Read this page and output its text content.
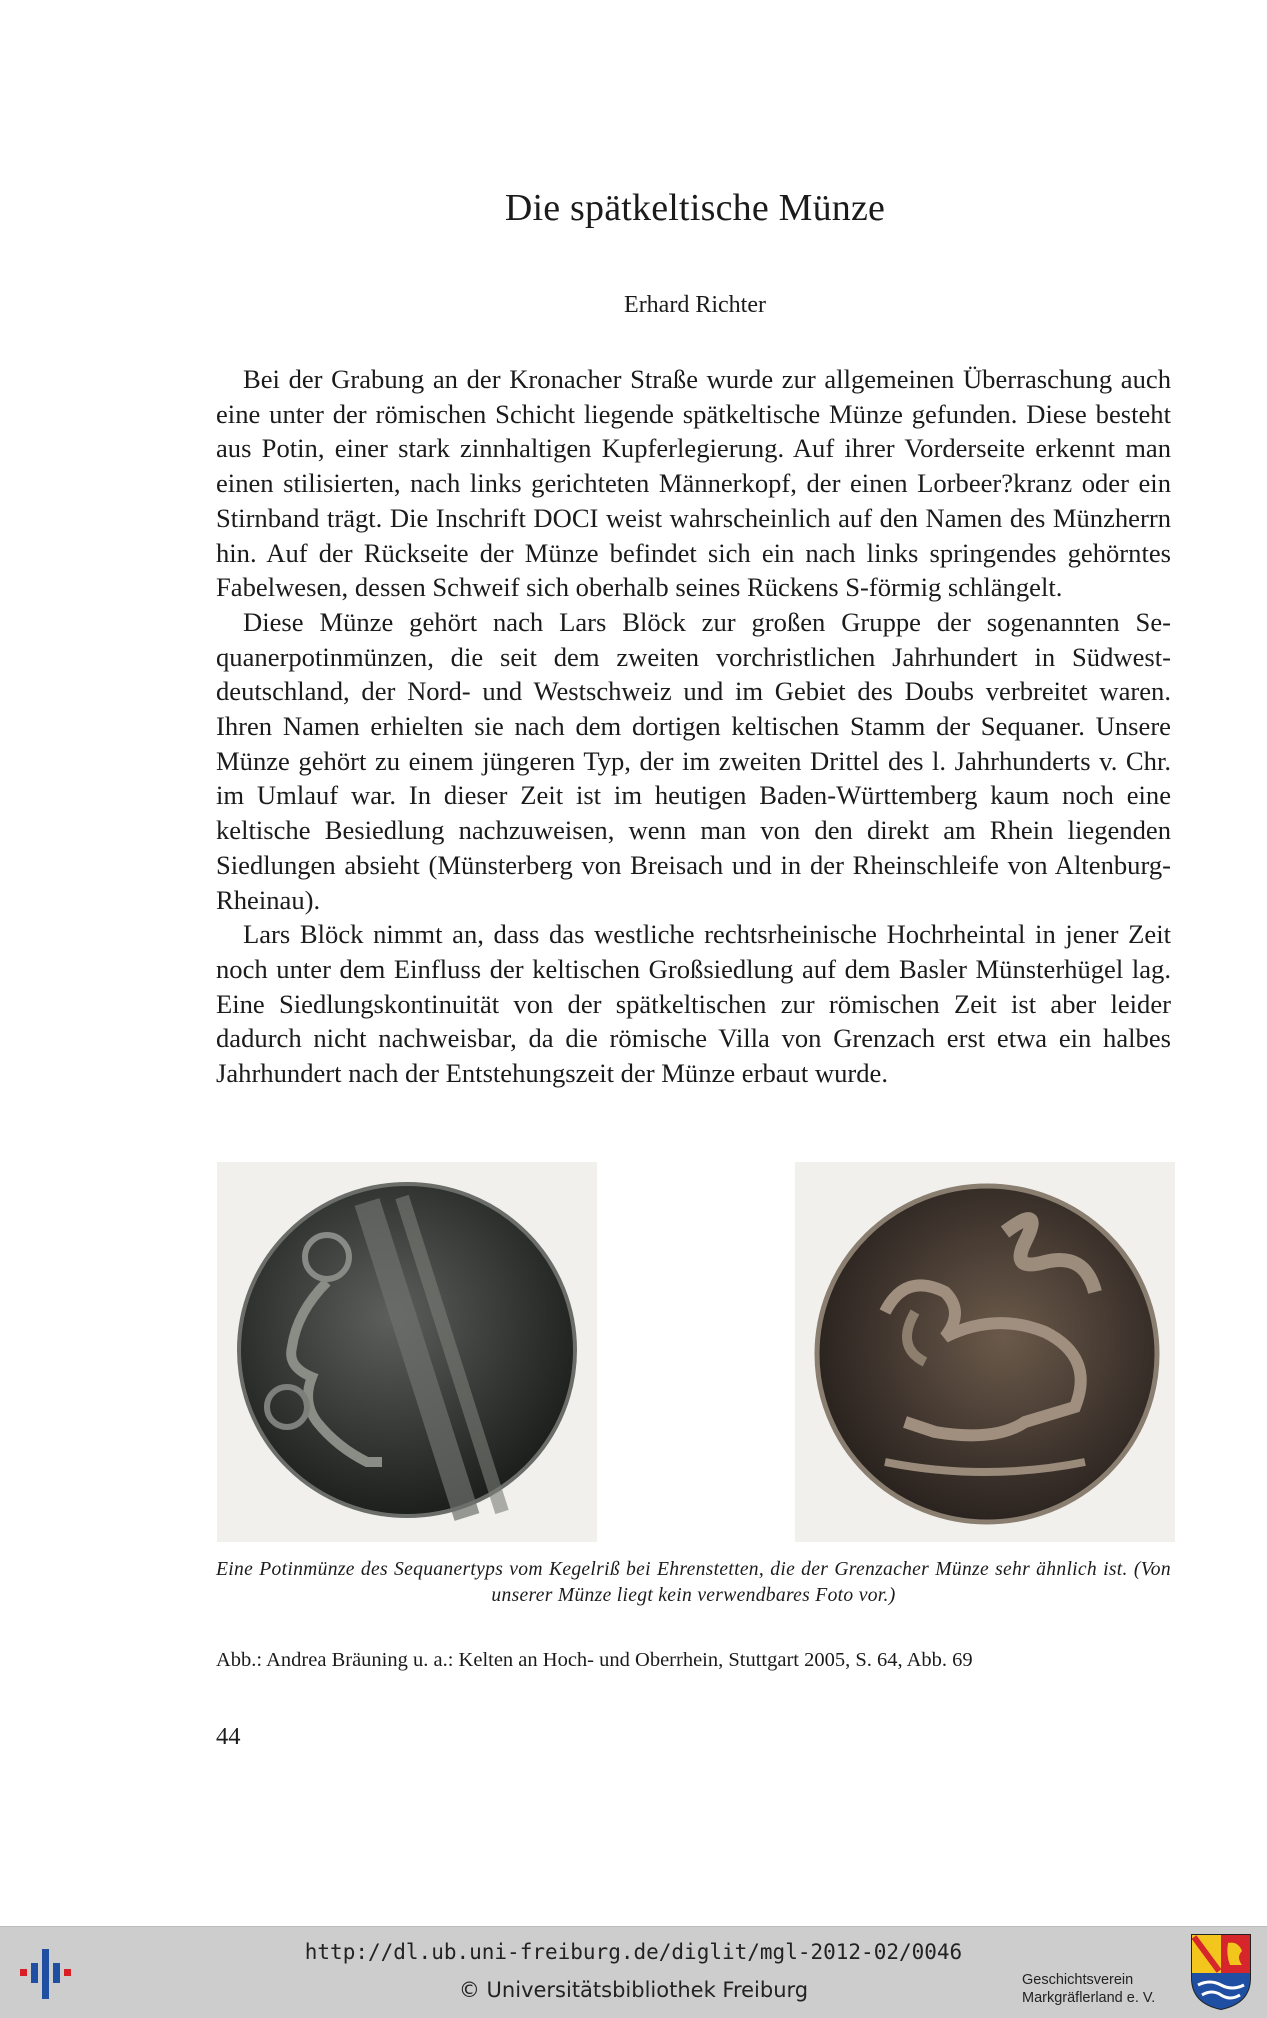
Die spätkeltische Münze
Erhard Richter

Bei der Grabung an der Kronacher Straße wurde zur allgemeinen Überraschung auch eine unter der römischen Schicht liegende spätkeltische Münze gefunden. Diese besteht aus Potin, einer stark zinnhaltigen Kupferlegierung. Auf ihrer Vorderseite erkennt man einen stilisierten, nach links gerichteten Männerkopf, der einen Lorbeer?kranz oder ein Stirnband trägt. Die Inschrift DOCI weist wahrscheinlich auf den Namen des Münzherrn hin. Auf der Rückseite der Münze befindet sich ein nach links springendes gehörntes Fabelwesen, dessen Schweif sich oberhalb seines Rückens S-förmig schlängelt.

Diese Münze gehört nach Lars Blöck zur großen Gruppe der sogenannten Sequanerpotinmünzen, die seit dem zweiten vorchristlichen Jahrhundert in Südwestdeutschland, der Nord- und Westschweiz und im Gebiet des Doubs verbreitet waren. Ihren Namen erhielten sie nach dem dortigen keltischen Stamm der Sequaner. Unsere Münze gehört zu einem jüngeren Typ, der im zweiten Drittel des l. Jahrhunderts v. Chr. im Umlauf war. In dieser Zeit ist im heutigen Baden-Württemberg kaum noch eine keltische Besiedlung nachzuweisen, wenn man von den direkt am Rhein liegenden Siedlungen absieht (Münsterberg von Breisach und in der Rheinschleife von Altenburg-Rheinau).

Lars Blöck nimmt an, dass das westliche rechtsrheinische Hochrheintal in jener Zeit noch unter dem Einfluss der keltischen Großsiedlung auf dem Basler Münsterhügel lag. Eine Siedlungskontinuität von der spätkeltischen zur römischen Zeit ist aber leider dadurch nicht nachweisbar, da die römische Villa von Grenzach erst etwa ein halbes Jahrhundert nach der Entstehungszeit der Münze erbaut wurde.

Eine Potinmünze des Sequanertyps vom Kegelriß bei Ehrenstetten, die der Grenzacher Münze sehr ähnlich ist. (Von unserer Münze liegt kein verwendbares Foto vor.)
Abb.: Andrea Bräuning u. a.: Kelten an Hoch- und Oberrhein, Stuttgart 2005, S. 64, Abb. 69
44
http://dl.ub.uni-freiburg.de/diglit/mgl-2012-02/0046
© Universitätsbibliothek Freiburg	Geschichtsverein
Markgräflerland e. V.
